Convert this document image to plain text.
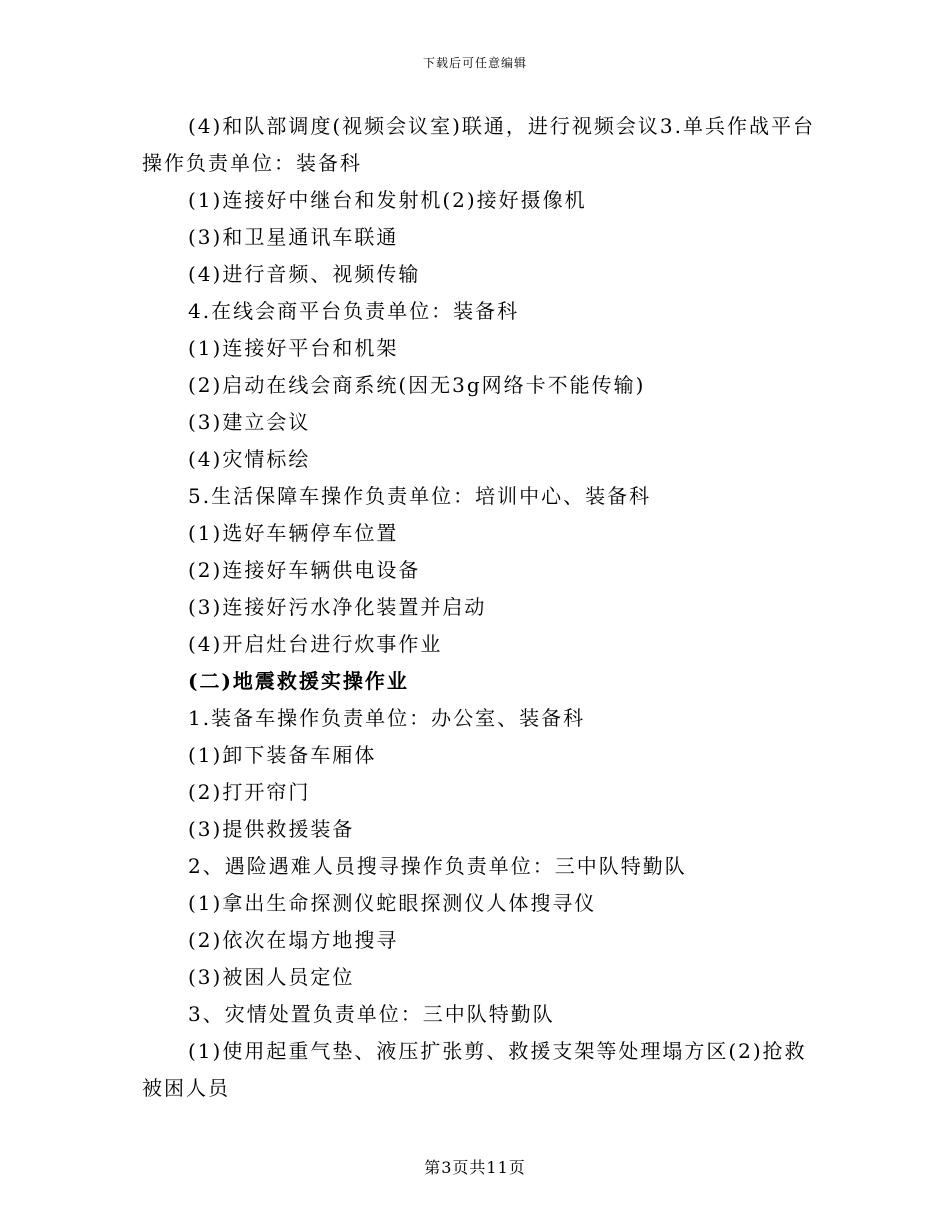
下载后可任意编辑
(4)和队部调度(视频会议室)联通，进行视频会议3.单兵作战平台
操作负责单位：装备科
(1)连接好中继台和发射机(2)接好摄像机
(3)和卫星通讯车联通
(4)进行音频、视频传输
4.在线会商平台负责单位：装备科
(1)连接好平台和机架
(2)启动在线会商系统(因无3g网络卡不能传输)
(3)建立会议
(4)灾情标绘
5.生活保障车操作负责单位：培训中心、装备科
(1)选好车辆停车位置
(2)连接好车辆供电设备
(3)连接好污水净化装置并启动
(4)开启灶台进行炊事作业
(二)地震救援实操作业
1.装备车操作负责单位：办公室、装备科
(1)卸下装备车厢体
(2)打开帘门
(3)提供救援装备
2、遇险遇难人员搜寻操作负责单位：三中队特勤队
(1)拿出生命探测仪蛇眼探测仪人体搜寻仪
(2)依次在塌方地搜寻
(3)被困人员定位
3、灾情处置负责单位：三中队特勤队
(1)使用起重气垫、液压扩张剪、救援支架等处理塌方区(2)抢救
被困人员
第3页共11页
